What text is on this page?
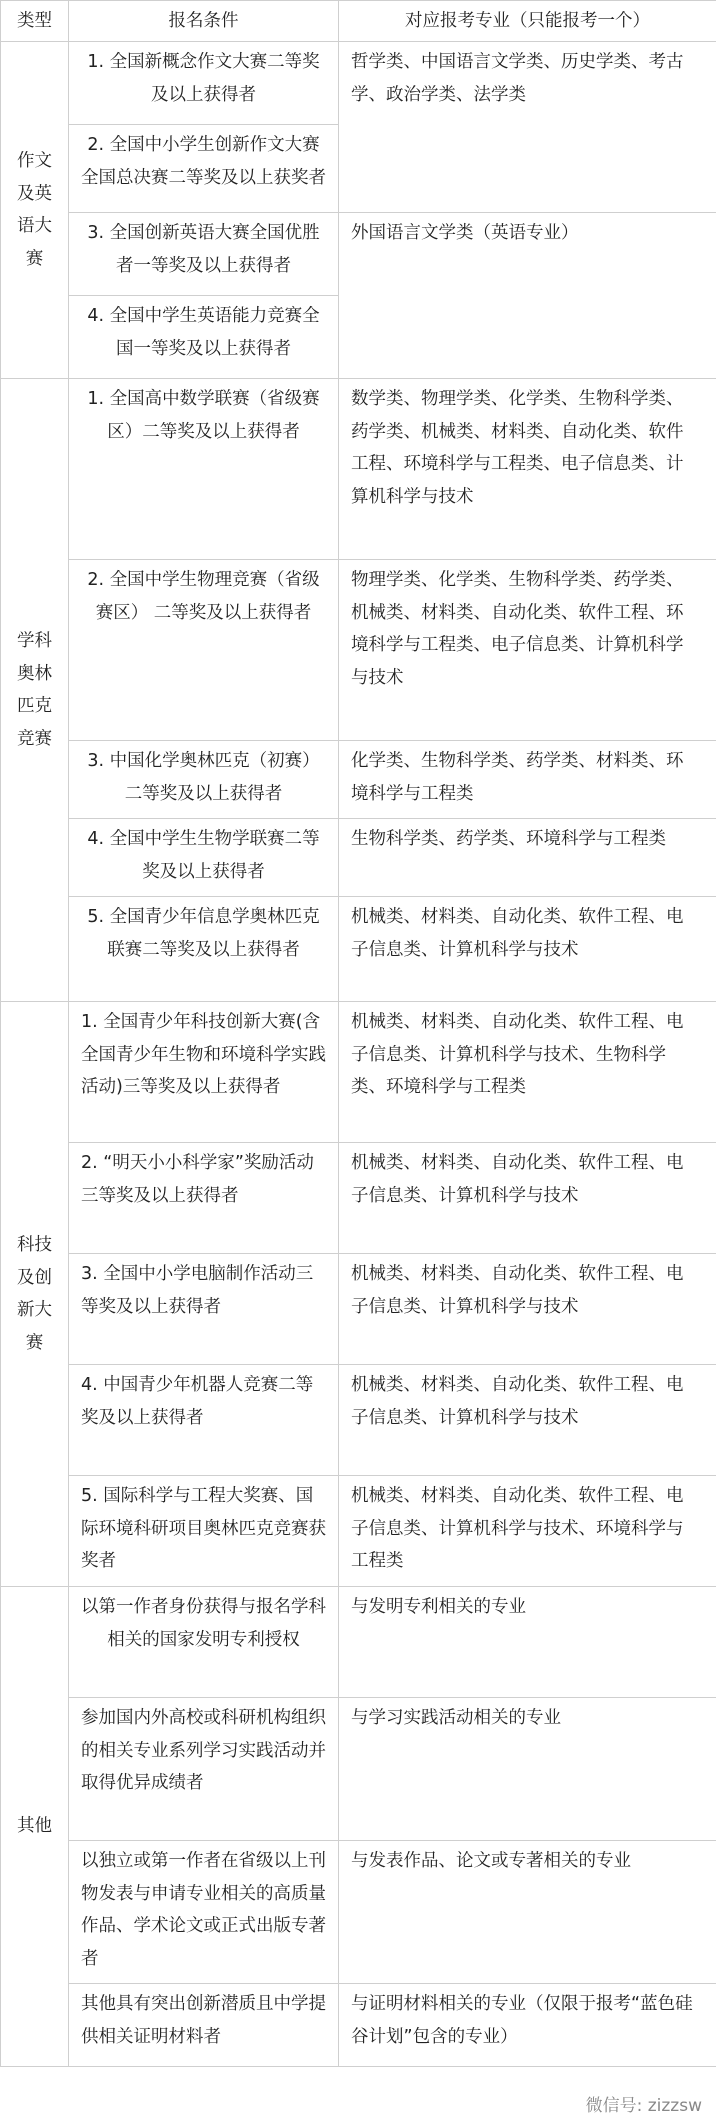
类型	报名条件	对应报考专业（只能报考一个）
作文及英语大赛	1. 全国新概念作文大赛二等奖及以上获得者	哲学类、中国语言文学类、历史学类、考古学、政治学类、法学类
	2. 全国中小学生创新作文大赛全国总决赛二等奖及以上获奖者	
	3. 全国创新英语大赛全国优胜者一等奖及以上获得者	外国语言文学类（英语专业）
	4. 全国中学生英语能力竞赛全国一等奖及以上获得者	
学科奥林匹克竞赛	1. 全国高中数学联赛（省级赛区）二等奖及以上获得者	数学类、物理学类、化学类、生物科学类、药学类、机械类、材料类、自动化类、软件工程、环境科学与工程类、电子信息类、计算机科学与技术
	2. 全国中学生物理竞赛（省级赛区） 二等奖及以上获得者	物理学类、化学类、生物科学类、药学类、机械类、材料类、自动化类、软件工程、环境科学与工程类、电子信息类、计算机科学与技术
	3. 中国化学奥林匹克（初赛）二等奖及以上获得者	化学类、生物科学类、药学类、材料类、环境科学与工程类
	4. 全国中学生生物学联赛二等奖及以上获得者	生物科学类、药学类、环境科学与工程类
	5. 全国青少年信息学奥林匹克联赛二等奖及以上获得者	机械类、材料类、自动化类、软件工程、电子信息类、计算机科学与技术
科技及创新大赛	1. 全国青少年科技创新大赛(含全国青少年生物和环境科学实践活动)三等奖及以上获得者	机械类、材料类、自动化类、软件工程、电子信息类、计算机科学与技术、生物科学类、环境科学与工程类
	2. “明天小小科学家”奖励活动三等奖及以上获得者	机械类、材料类、自动化类、软件工程、电子信息类、计算机科学与技术
	3. 全国中小学电脑制作活动三等奖及以上获得者	机械类、材料类、自动化类、软件工程、电子信息类、计算机科学与技术
	4. 中国青少年机器人竞赛二等奖及以上获得者	机械类、材料类、自动化类、软件工程、电子信息类、计算机科学与技术
	5. 国际科学与工程大奖赛、国际环境科研项目奥林匹克竞赛获奖者	机械类、材料类、自动化类、软件工程、电子信息类、计算机科学与技术、环境科学与工程类
其他	以第一作者身份获得与报名学科相关的国家发明专利授权	与发明专利相关的专业
	参加国内外高校或科研机构组织的相关专业系列学习实践活动并取得优异成绩者	与学习实践活动相关的专业
	以独立或第一作者在省级以上刊物发表与申请专业相关的高质量作品、学术论文或正式出版专著者	与发表作品、论文或专著相关的专业
	其他具有突出创新潜质且中学提供相关证明材料者	与证明材料相关的专业（仅限于报考“蓝色硅谷计划”包含的专业）
微信号: zizzsw
